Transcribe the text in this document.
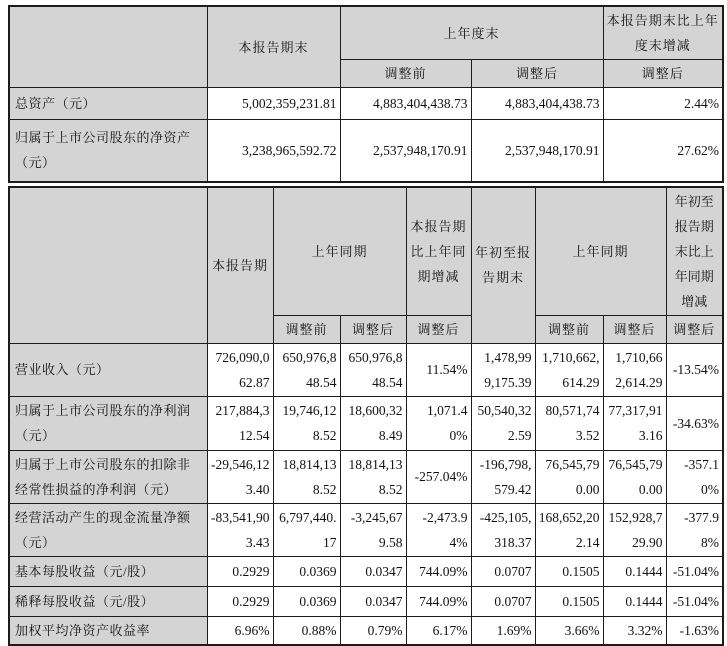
	本报告期末	上年度末		本报告期末比上年度末增减
		调整前	调整后	调整后
总资产（元）	5,002,359,231.81	4,883,404,438.73	4,883,404,438.73	2.44%
归属于上市公司股东的净资产（元）	3,238,965,592.72	2,537,948,170.91	2,537,948,170.91	27.62%
	本报告期	上年同期		本报告期比上年同期增减	年初至报告期末	上年同期		年初至报告期末比上年同期增减
		调整前	调整后	调整后		调整前	调整后	调整后
营业收入（元）	726,090,062.87	650,976,848.54	650,976,848.54	11.54%	1,478,999,175.39	1,710,662,614.29	1,710,662,614.29	-13.54%
归属于上市公司股东的净利润（元）	217,884,312.54	19,746,128.52	18,600,328.49	1,071.40%	50,540,322.59	80,571,743.52	77,317,913.16	-34.63%
归属于上市公司股东的扣除非经常性损益的净利润（元）	-29,546,123.40	18,814,138.52	18,814,138.52	-257.04%	-196,798,579.42	76,545,790.00	76,545,790.00	-357.10%
经营活动产生的现金流量净额（元）	-83,541,903.43	6,797,440.17	-3,245,679.58	-2,473.94%	-425,105,318.37	168,652,202.14	152,928,729.90	-377.98%
基本每股收益（元/股）	0.2929	0.0369	0.0347	744.09%	0.0707	0.1505	0.1444	-51.04%
稀释每股收益（元/股）	0.2929	0.0369	0.0347	744.09%	0.0707	0.1505	0.1444	-51.04%
加权平均净资产收益率	6.96%	0.88%	0.79%	6.17%	1.69%	3.66%	3.32%	-1.63%
